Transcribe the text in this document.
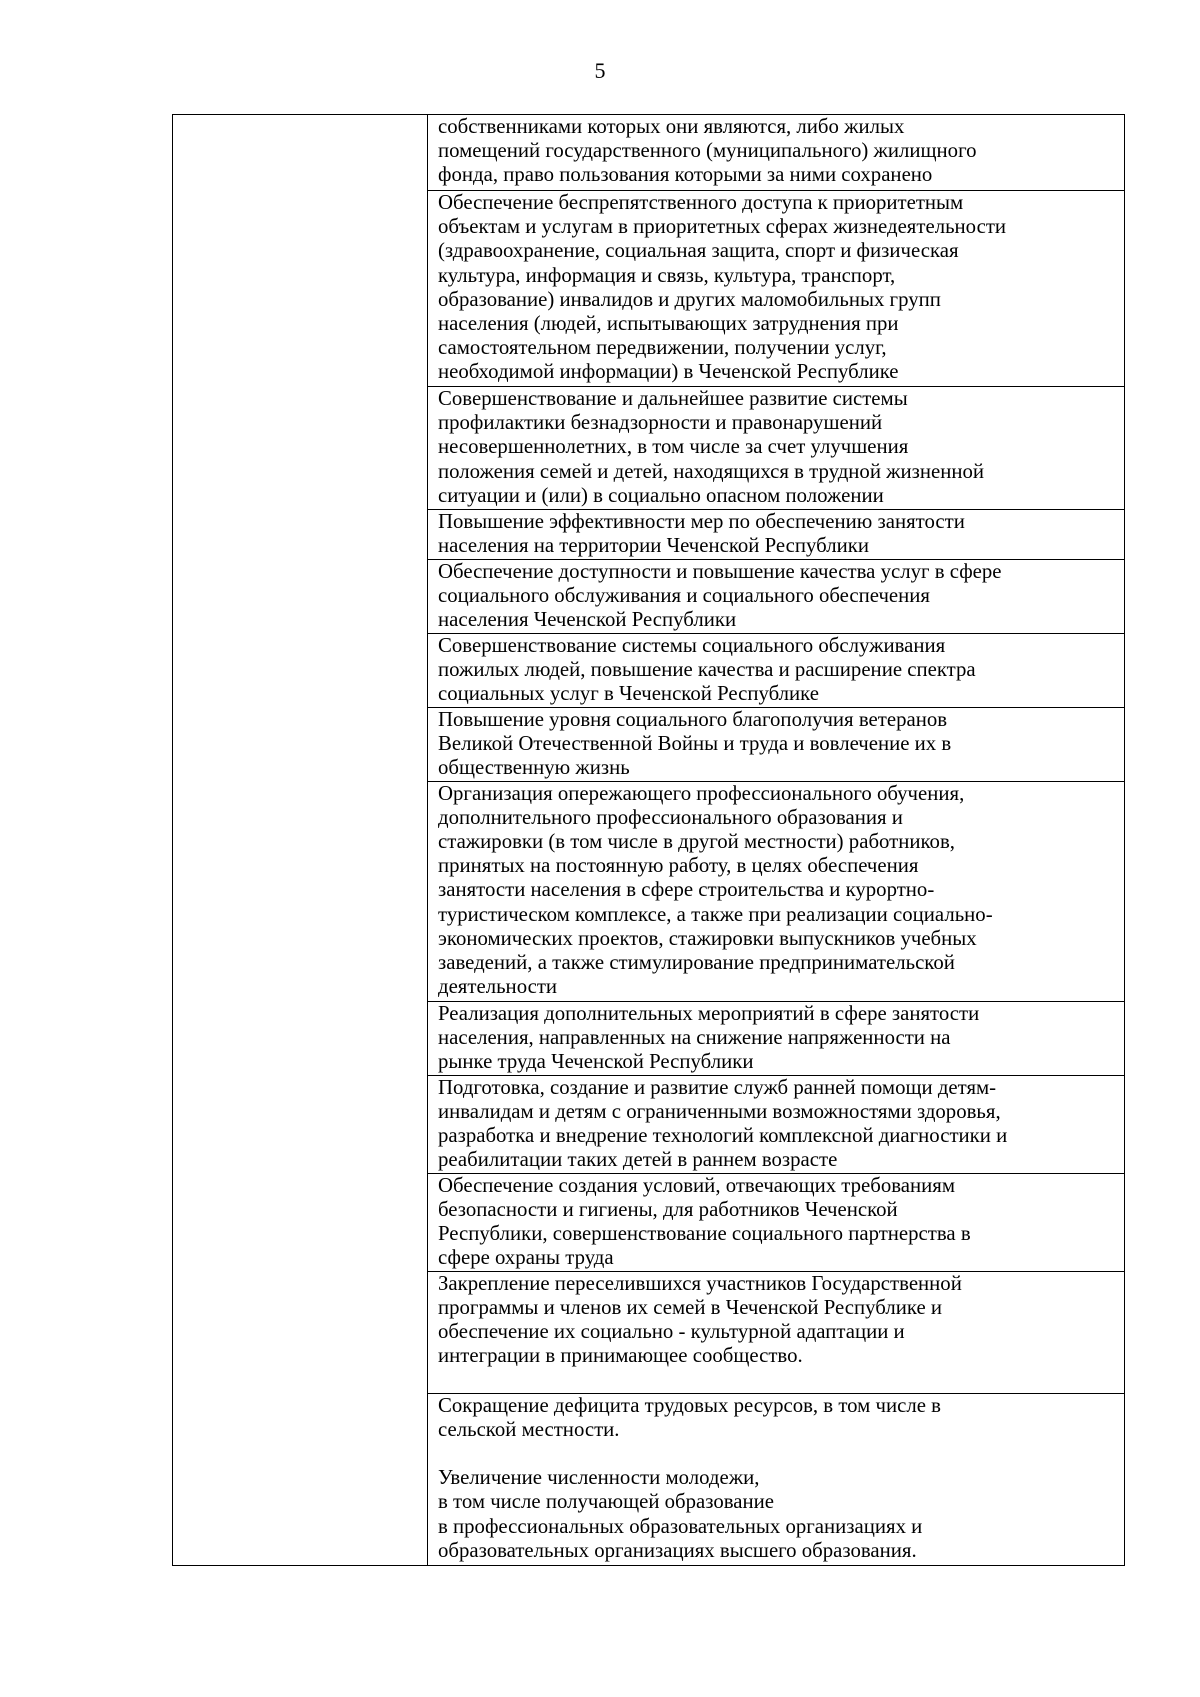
5

собственниками которых они являются, либо жилых
помещений государственного (муниципального) жилищного
фонда, право пользования которыми за ними сохранено

Обеспечение беспрепятственного доступа к приоритетным
объектам и услугам в приоритетных сферах жизнедеятельности
(здравоохранение, социальная защита, спорт и физическая
культура, информация и связь, культура, транспорт,
образование) инвалидов и других маломобильных групп
населения (людей, испытывающих затруднения при
самостоятельном передвижении, получении услуг,
необходимой информации) в Чеченской Республике

Совершенствование и дальнейшее развитие системы
профилактики безнадзорности и правонарушений
несовершеннолетних, в том числе за счет улучшения
положения семей и детей, находящихся в трудной жизненной
ситуации и (или) в социально опасном положении

Повышение эффективности мер по обеспечению занятости
населения на территории Чеченской Республики

Обеспечение доступности и повышение качества услуг в сфере
социального обслуживания и социального обеспечения
населения Чеченской Республики

Совершенствование системы социального обслуживания
пожилых людей, повышение качества и расширение спектра
социальных услуг в Чеченской Республике

Повышение уровня социального благополучия ветеранов
Великой Отечественной Войны и труда и вовлечение их в
общественную жизнь

Организация опережающего профессионального обучения,
дополнительного профессионального образования и
стажировки (в том числе в другой местности) работников,
принятых на постоянную работу, в целях обеспечения
занятости населения в сфере строительства и курортно-
туристическом комплексе, а также при реализации социально-
экономических проектов, стажировки выпускников учебных
заведений, а также стимулирование предпринимательской
деятельности

Реализация дополнительных мероприятий в сфере занятости
населения, направленных на снижение напряженности на
рынке труда Чеченской Республики

Подготовка, создание и развитие служб ранней помощи детям-
инвалидам и детям с ограниченными возможностями здоровья,
разработка и внедрение технологий комплексной диагностики и
реабилитации таких детей в раннем возрасте

Обеспечение создания условий, отвечающих требованиям
безопасности и гигиены, для работников Чеченской
Республики, совершенствование социального партнерства в
сфере охраны труда

Закрепление переселившихся участников Государственной
программы и членов их семей в Чеченской Республике и
обеспечение их социально - культурной адаптации и
интеграции в принимающее сообщество.

Сокращение дефицита трудовых ресурсов, в том числе в
сельской местности.

Увеличение численности молодежи,
в том числе получающей образование
в профессиональных образовательных организациях и
образовательных организациях высшего образования.
